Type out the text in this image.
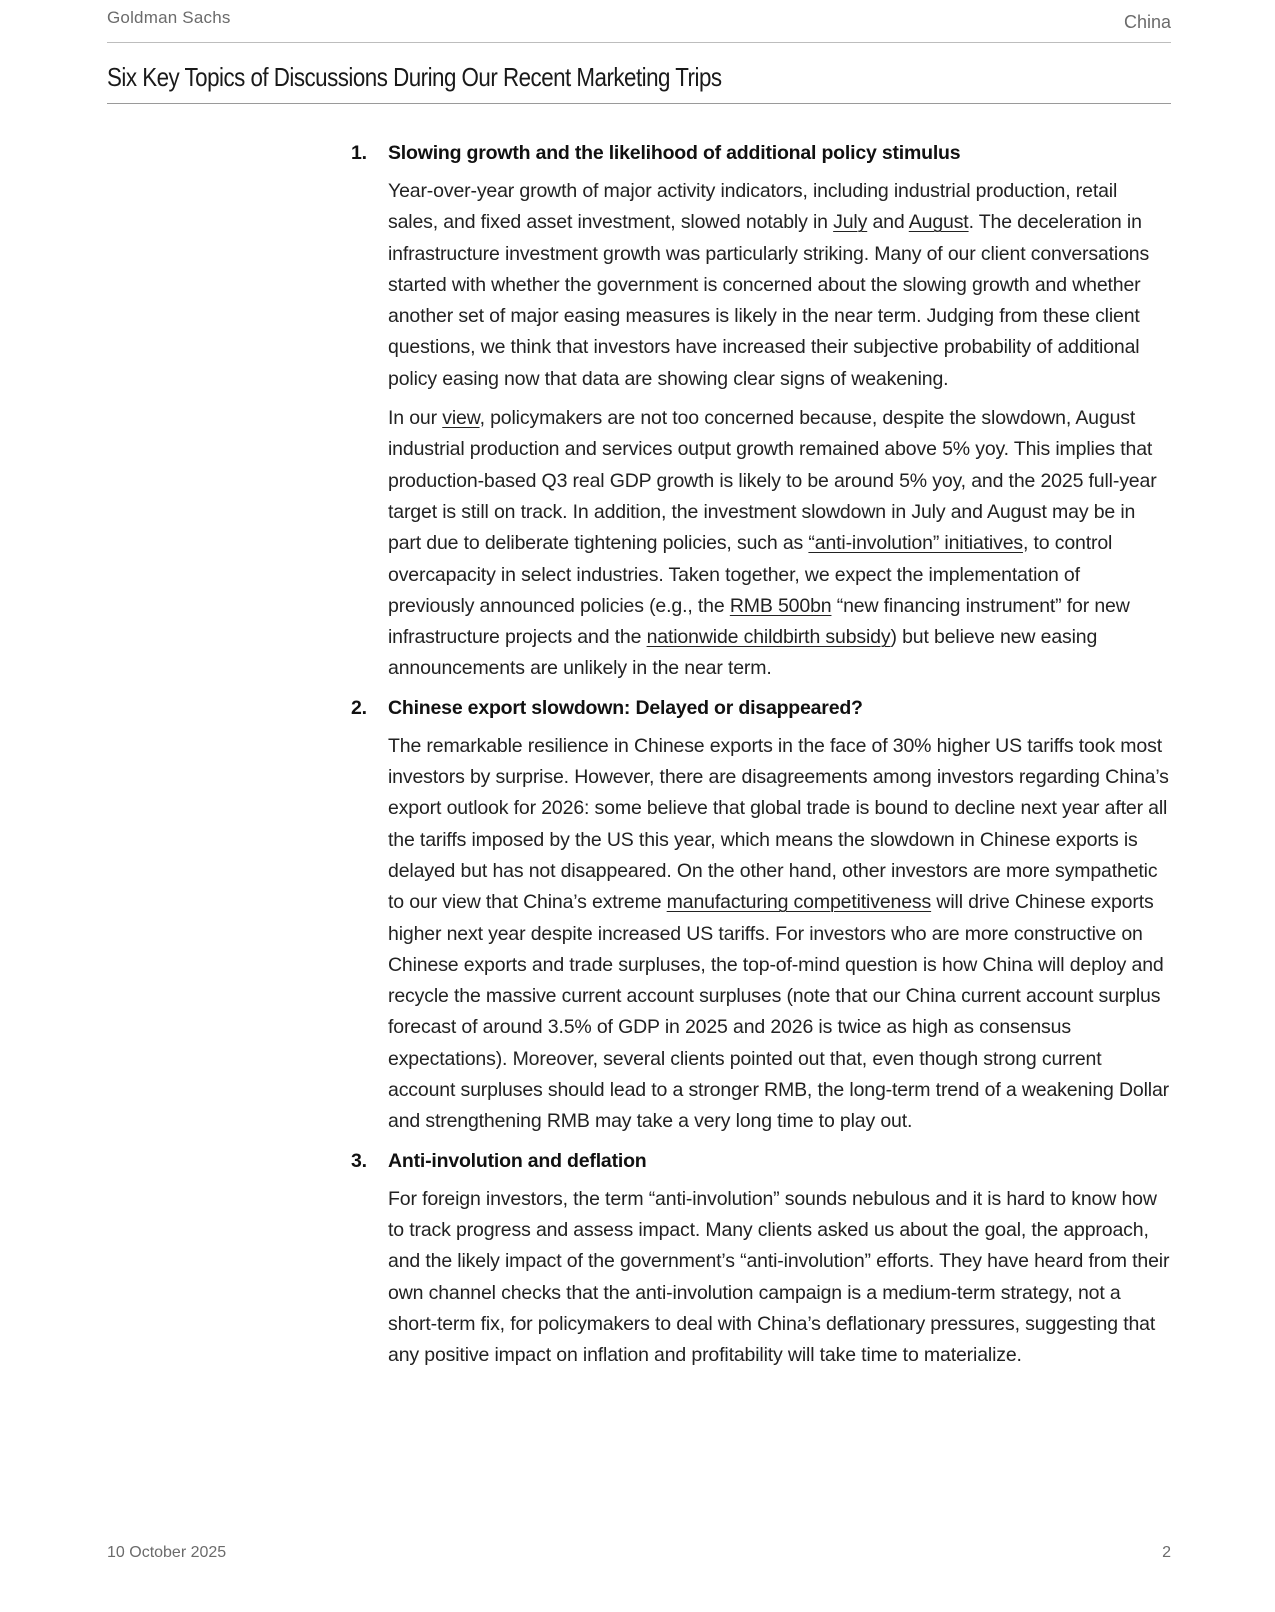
Goldman Sachs	China
Six Key Topics of Discussions During Our Recent Marketing Trips
1.	Slowing growth and the likelihood of additional policy stimulus

Year-over-year growth of major activity indicators, including industrial production, retail sales, and fixed asset investment, slowed notably in July and August. The deceleration in infrastructure investment growth was particularly striking. Many of our client conversations started with whether the government is concerned about the slowing growth and whether another set of major easing measures is likely in the near term. Judging from these client questions, we think that investors have increased their subjective probability of additional policy easing now that data are showing clear signs of weakening.

In our view, policymakers are not too concerned because, despite the slowdown, August industrial production and services output growth remained above 5% yoy. This implies that production-based Q3 real GDP growth is likely to be around 5% yoy, and the 2025 full-year target is still on track. In addition, the investment slowdown in July and August may be in part due to deliberate tightening policies, such as “anti-involution” initiatives, to control overcapacity in select industries. Taken together, we expect the implementation of previously announced policies (e.g., the RMB 500bn “new financing instrument” for new infrastructure projects and the nationwide childbirth subsidy) but believe new easing announcements are unlikely in the near term.

2.	Chinese export slowdown: Delayed or disappeared?

The remarkable resilience in Chinese exports in the face of 30% higher US tariffs took most investors by surprise. However, there are disagreements among investors regarding China’s export outlook for 2026: some believe that global trade is bound to decline next year after all the tariffs imposed by the US this year, which means the slowdown in Chinese exports is delayed but has not disappeared. On the other hand, other investors are more sympathetic to our view that China’s extreme manufacturing competitiveness will drive Chinese exports higher next year despite increased US tariffs. For investors who are more constructive on Chinese exports and trade surpluses, the top-of-mind question is how China will deploy and recycle the massive current account surpluses (note that our China current account surplus forecast of around 3.5% of GDP in 2025 and 2026 is twice as high as consensus expectations). Moreover, several clients pointed out that, even though strong current account surpluses should lead to a stronger RMB, the long-term trend of a weakening Dollar and strengthening RMB may take a very long time to play out.

3.	Anti-involution and deflation

For foreign investors, the term “anti-involution” sounds nebulous and it is hard to know how to track progress and assess impact. Many clients asked us about the goal, the approach, and the likely impact of the government’s “anti-involution” efforts. They have heard from their own channel checks that the anti-involution campaign is a medium-term strategy, not a short-term fix, for policymakers to deal with China’s deflationary pressures, suggesting that any positive impact on inflation and profitability will take time to materialize.

10 October 2025	2
